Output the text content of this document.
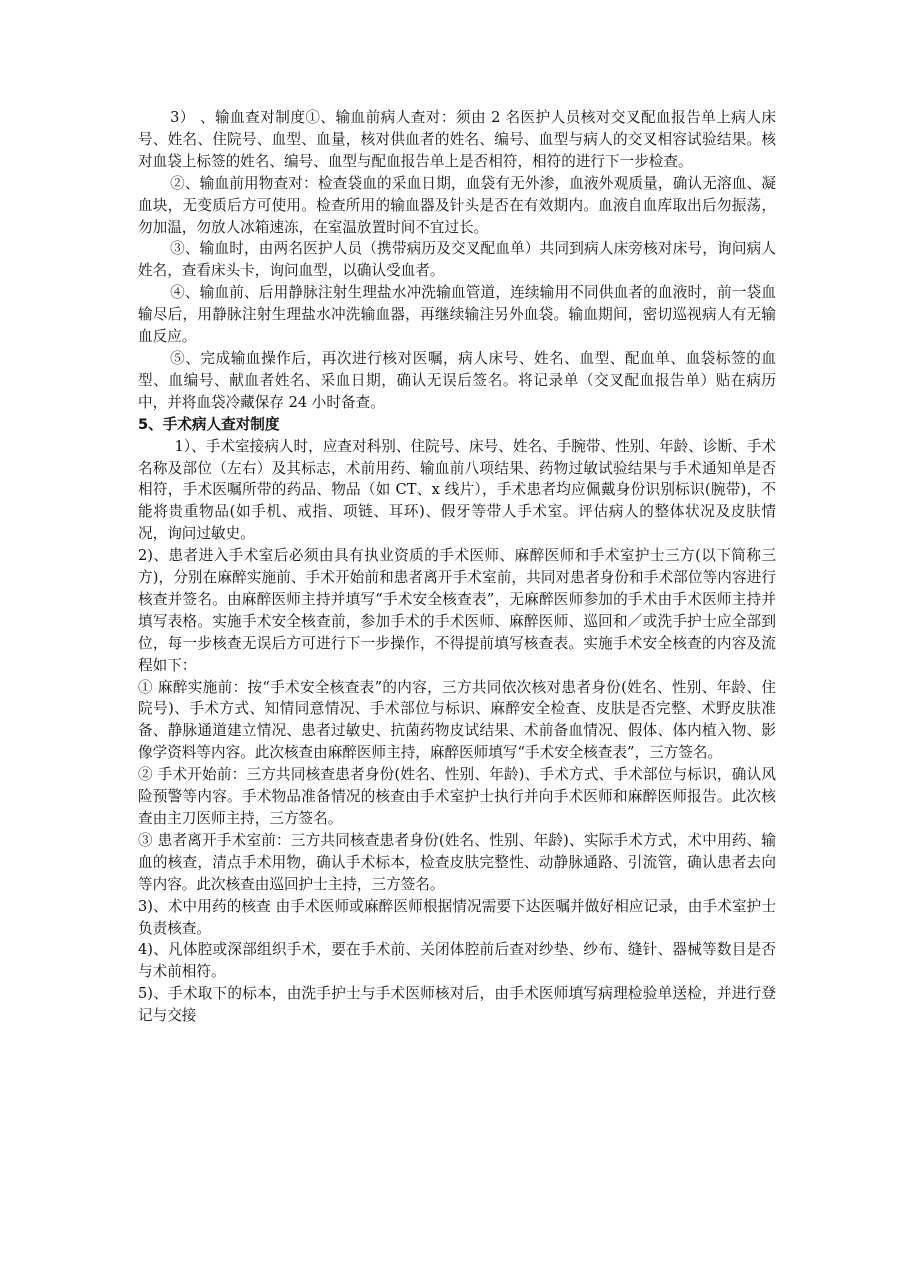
3） 、输血查对制度①、输血前病人查对：须由 2 名医护人员核对交叉配血报告单上病人床号、姓名、住院号、血型、血量，核对供血者的姓名、编号、血型与病人的交叉相容试验结果。核对血袋上标签的姓名、编号、血型与配血报告单上是否相符，相符的进行下一步检查。

②、输血前用物查对：检查袋血的采血日期，血袋有无外渗，血液外观质量，确认无溶血、凝血块，无变质后方可使用。检查所用的输血器及针头是否在有效期内。血液自血库取出后勿振荡，勿加温，勿放人冰箱速冻，在室温放置时间不宜过长。

③、输血时，由两名医护人员（携带病历及交叉配血单）共同到病人床旁核对床号，询问病人姓名，查看床头卡，询问血型，以确认受血者。

④、输血前、后用静脉注射生理盐水冲洗输血管道，连续输用不同供血者的血液时，前一袋血输尽后，用静脉注射生理盐水冲洗输血器，再继续输注另外血袋。输血期间，密切巡视病人有无输血反应。

⑤、完成输血操作后，再次进行核对医嘱，病人床号、姓名、血型、配血单、血袋标签的血型、血编号、献血者姓名、采血日期，确认无误后签名。将记录单（交叉配血报告单）贴在病历中，并将血袋冷藏保存 24 小时备查。

5、手术病人查对制度

1）、手术室接病人时，应查对科别、住院号、床号、姓名、手腕带、性别、年龄、诊断、手术名称及部位（左右）及其标志，术前用药、输血前八项结果、药物过敏试验结果与手术通知单是否相符，手术医嘱所带的药品、物品（如 CT、x 线片），手术患者均应佩戴身份识别标识(腕带)，不能将贵重物品(如手机、戒指、项链、耳环)、假牙等带人手术室。评估病人的整体状况及皮肤情况，询问过敏史。

2)、患者进入手术室后必须由具有执业资质的手术医师、麻醉医师和手术室护士三方(以下简称三方)，分别在麻醉实施前、手术开始前和患者离开手术室前，共同对患者身份和手术部位等内容进行核查并签名。由麻醉医师主持并填写“手术安全核查表”，无麻醉医师参加的手术由手术医师主持并填写表格。实施手术安全核查前，参加手术的手术医师、麻醉医师、巡回和／或洗手护士应全部到位，每一步核查无误后方可进行下一步操作，不得提前填写核查表。实施手术安全核查的内容及流程如下：

① 麻醉实施前：按“手术安全核查表”的内容，三方共同依次核对患者身份(姓名、性别、年龄、住院号)、手术方式、知情同意情况、手术部位与标识、麻醉安全检查、皮肤是否完整、术野皮肤准备、静脉通道建立情况、患者过敏史、抗菌药物皮试结果、术前备血情况、假体、体内植入物、影像学资料等内容。此次核查由麻醉医师主持，麻醉医师填写“手术安全核查表”，三方签名。

② 手术开始前：三方共同核查患者身份(姓名、性别、年龄)、手术方式、手术部位与标识，确认风险预警等内容。手术物品准备情况的核查由手术室护士执行并向手术医师和麻醉医师报告。此次核查由主刀医师主持，三方签名。

③ 患者离开手术室前：三方共同核查患者身份(姓名、性别、年龄)、实际手术方式，术中用药、输血的核查，清点手术用物，确认手术标本，检查皮肤完整性、动静脉通路、引流管，确认患者去向等内容。此次核查由巡回护士主持，三方签名。

3)、术中用药的核查 由手术医师或麻醉医师根据情况需要下达医嘱并做好相应记录，由手术室护士负责核查。

4)、凡体腔或深部组织手术，要在手术前、关闭体腔前后查对纱垫、纱布、缝针、器械等数目是否与术前相符。

5)、手术取下的标本，由洗手护士与手术医师核对后，由手术医师填写病理检验单送检，并进行登记与交接
